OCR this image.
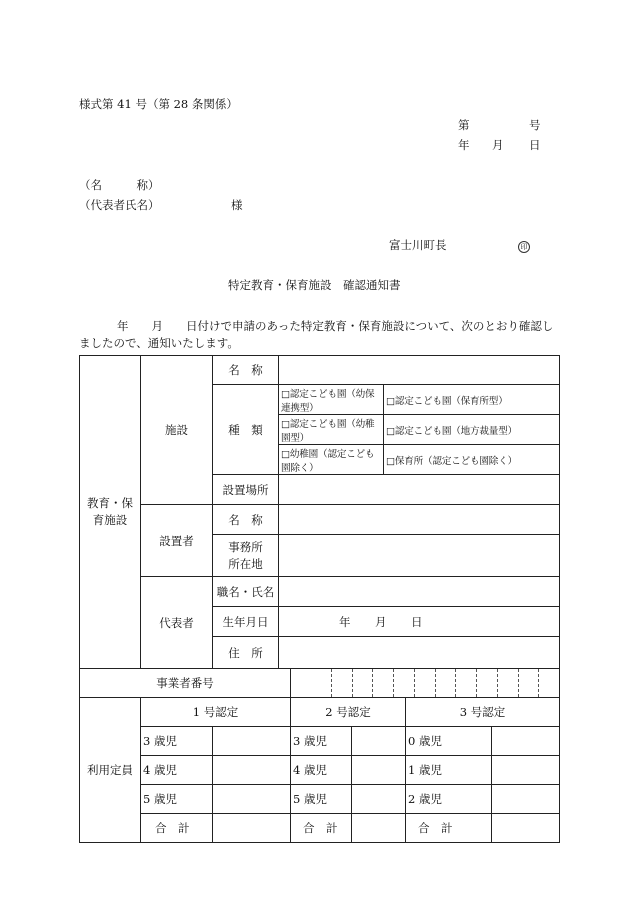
様式第 41 号（第 28 条関係）
第	号
年 月 日
（名　　　称）
（代表者氏名）	様
富士川町長	印
特定教育・保育施設　確認通知書
年　　月　　日付けで申請のあった特定教育・保育施設について、次のとおり確認しましたので、通知いたします。
教育・保育施設	施設	名　称						
		種　類	□認定こども園（幼保連携型）			□認定こども園（保育所型）		
			□認定こども園（幼稚園型）			□認定こども園（地方裁量型）		
			□幼稚園（認定こども園除く）			□保育所（認定こども園除く）		
		設置場所						
	設置者	名　称						

		事務所
所在地						

	代表者	職名・氏名						
		生年月日	年 月 日					

		住　所						
事業者番号								

利用定員	1 号認定			2 号認定			3 号認定	
	3 歳児			3 歳児			0 歳児	
	4 歳児			4 歳児			1 歳児	
	5 歳児			5 歳児			2 歳児	
	合　計			合　計			合　計	
